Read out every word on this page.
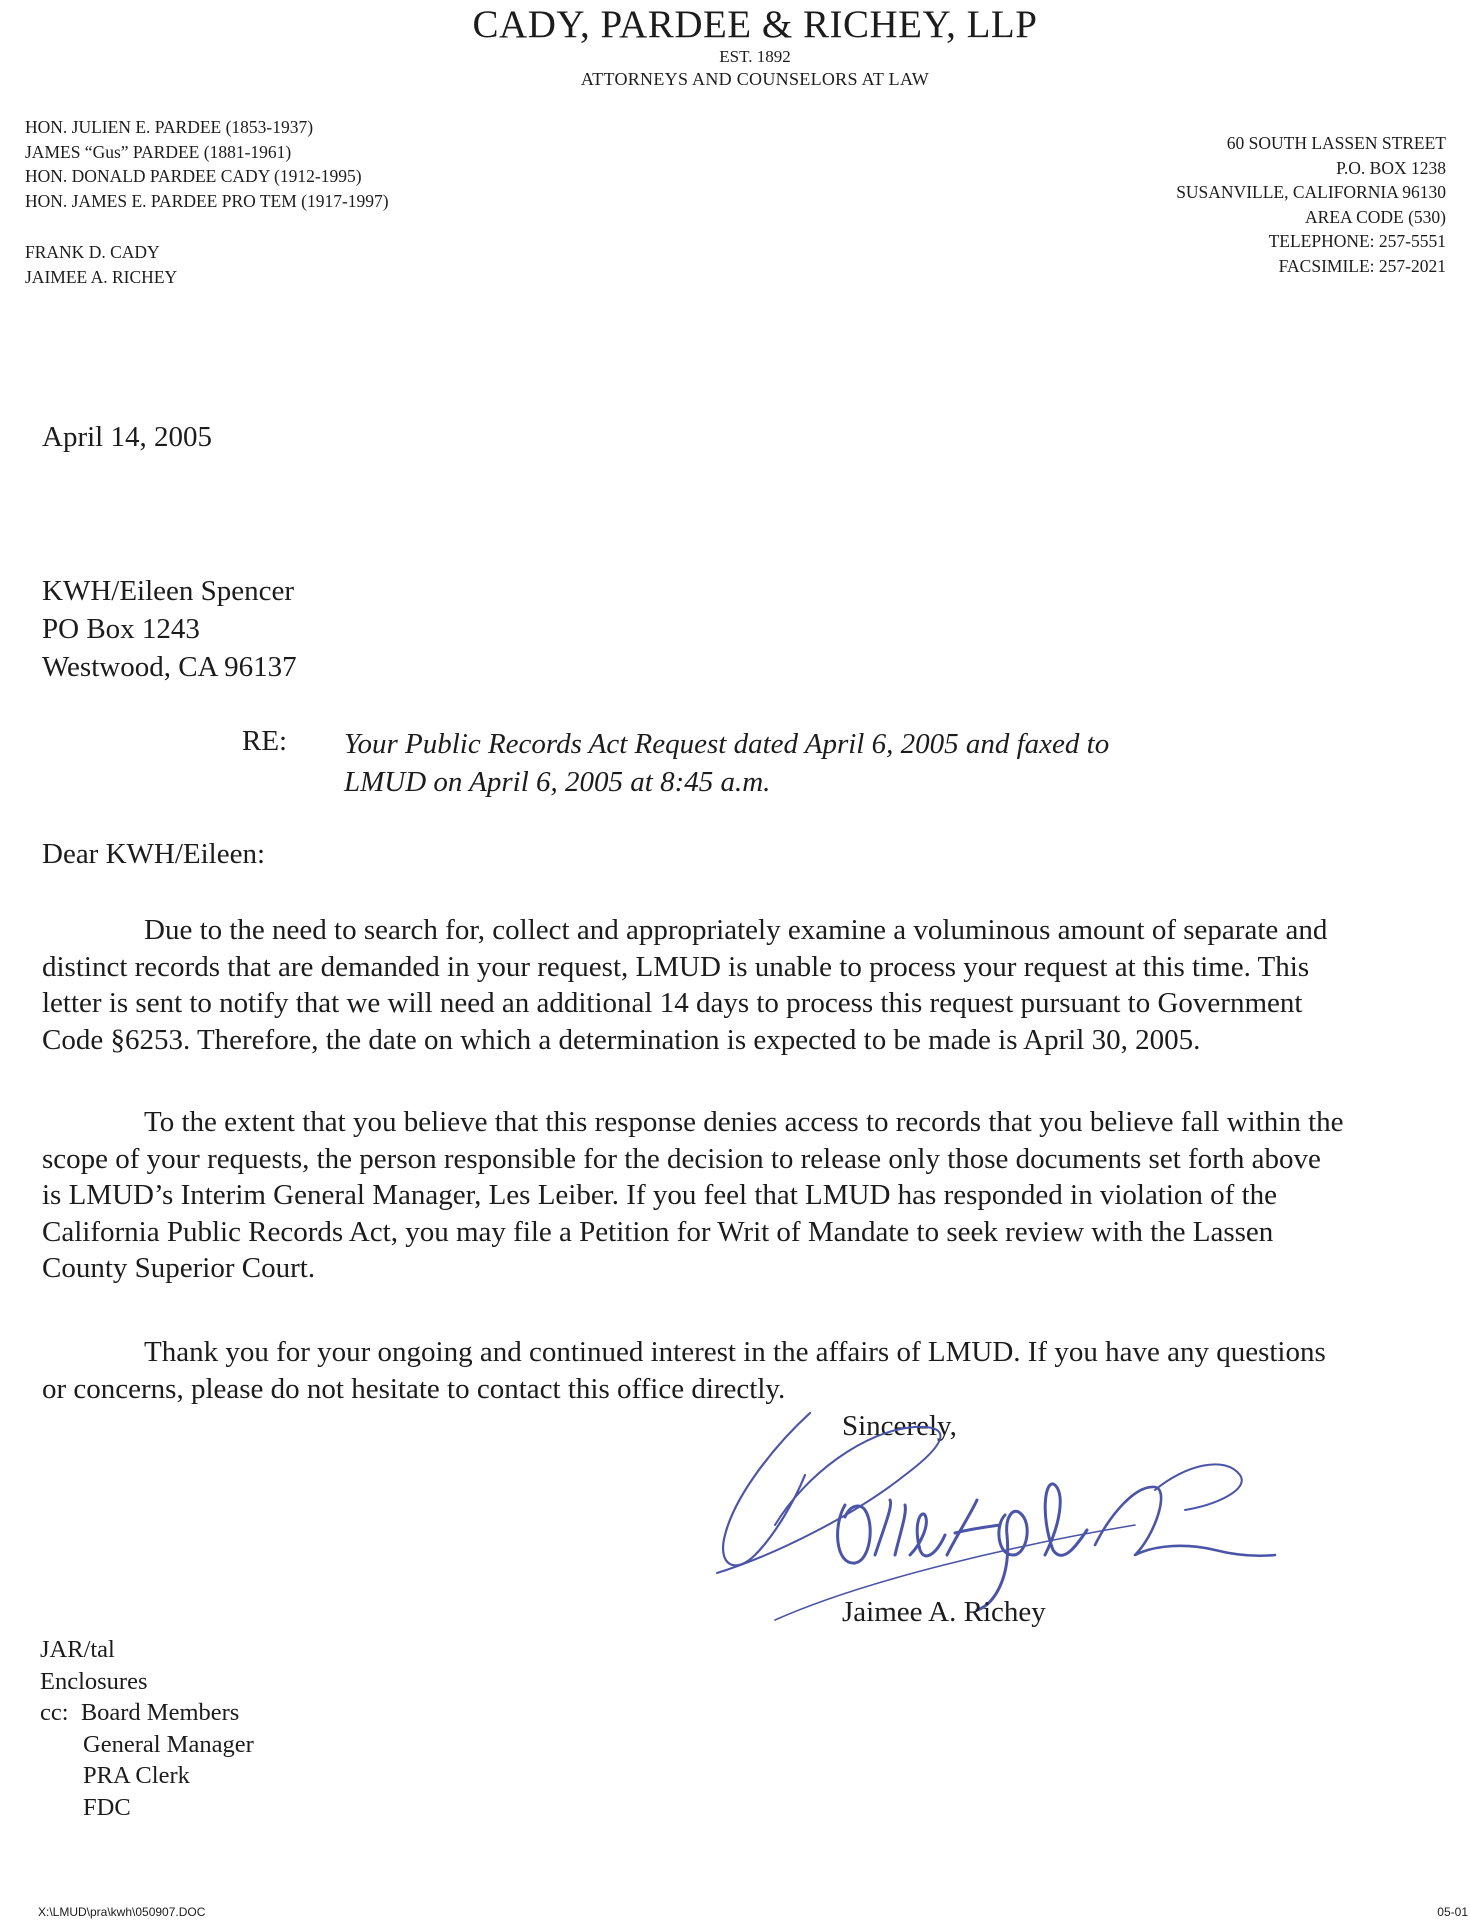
CADY, PARDEE & RICHEY, LLP
EST. 1892
ATTORNEYS AND COUNSELORS AT LAW
HON. JULIEN E. PARDEE (1853-1937)
JAMES “Gus” PARDEE (1881-1961)
HON. DONALD PARDEE CADY (1912-1995)
HON. JAMES E. PARDEE PRO TEM (1917-1997)
FRANK D. CADY
JAIMEE A. RICHEY
60 SOUTH LASSEN STREET
P.O. BOX 1238
SUSANVILLE, CALIFORNIA 96130
AREA CODE (530)
TELEPHONE: 257-5551
FACSIMILE: 257-2021
April 14, 2005
KWH/Eileen Spencer
PO Box 1243
Westwood, CA 96137
RE: Your Public Records Act Request dated April 6, 2005 and faxed to
LMUD on April 6, 2005 at 8:45 a.m.
Dear KWH/Eileen:
Due to the need to search for, collect and appropriately examine a voluminous amount of separate and
distinct records that are demanded in your request, LMUD is unable to process your request at this time. This
letter is sent to notify that we will need an additional 14 days to process this request pursuant to Government
Code §6253. Therefore, the date on which a determination is expected to be made is April 30, 2005.
To the extent that you believe that this response denies access to records that you believe fall within the
scope of your requests, the person responsible for the decision to release only those documents set forth above
is LMUD’s Interim General Manager, Les Leiber. If you feel that LMUD has responded in violation of the
California Public Records Act, you may file a Petition for Writ of Mandate to seek review with the Lassen
County Superior Court.
Thank you for your ongoing and continued interest in the affairs of LMUD. If you have any questions
or concerns, please do not hesitate to contact this office directly.
Sincerely,
Jaimee A. Richey
JAR/tal
Enclosures
cc: Board Members
General Manager
PRA Clerk
FDC
X:\LMUD\pra\kwh\050907.DOC	05-01
